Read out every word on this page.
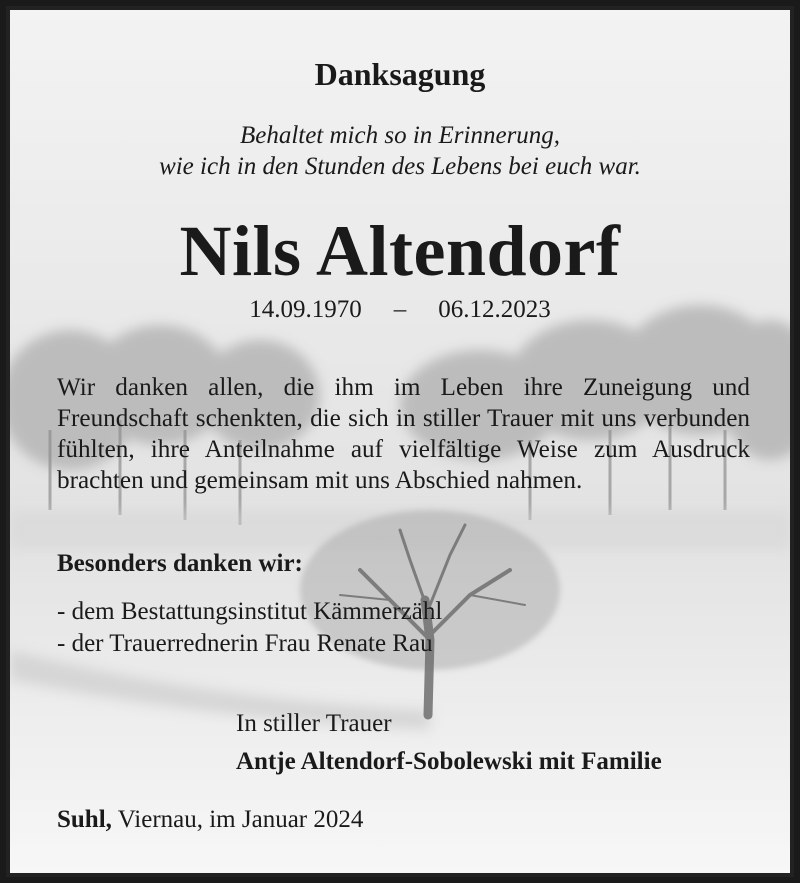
Danksagung
Behaltet mich so in Erinnerung,
wie ich in den Stunden des Lebens bei euch war.
Nils Altendorf
14.09.1970 – 06.12.2023
Wir danken allen, die ihm im Leben ihre Zuneigung und Freundschaft schenkten, die sich in stiller Trauer mit uns verbunden fühlten, ihre Anteilnahme auf vielfältige Weise zum Ausdruck brachten und gemeinsam mit uns Abschied nahmen.
Besonders danken wir:
- dem Bestattungsinstitut Kämmerzähl
- der Trauerrednerin Frau Renate Rau
In stiller Trauer
Antje Altendorf-Sobolewski mit Familie
Suhl, Viernau, im Januar 2024
